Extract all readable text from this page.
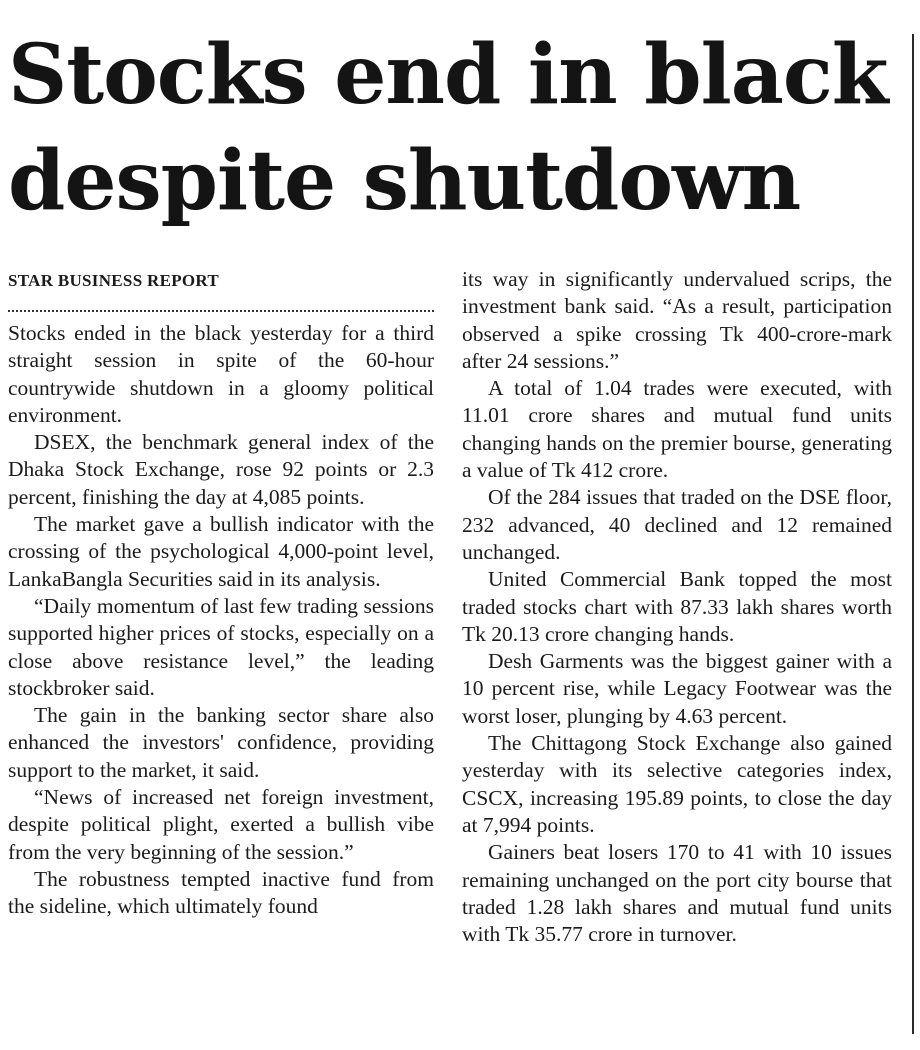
Stocks end in black
despite shutdown
STAR BUSINESS REPORT

Stocks ended in the black yesterday for a third straight session in spite of the 60-hour countrywide shutdown in a gloomy political environment.

DSEX, the benchmark general index of the Dhaka Stock Exchange, rose 92 points or 2.3 percent, finishing the day at 4,085 points.

The market gave a bullish indicator with the crossing of the psychological 4,000-point level, LankaBangla Securities said in its analysis.

“Daily momentum of last few trading sessions supported higher prices of stocks, especially on a close above resistance level,” the leading stockbroker said.

The gain in the banking sector share also enhanced the investors' confidence, providing support to the market, it said.

“News of increased net foreign investment, despite political plight, exerted a bullish vibe from the very beginning of the session.”

The robustness tempted inactive fund from the sideline, which ultimately found

its way in significantly undervalued scrips, the investment bank said. “As a result, participation observed a spike crossing Tk 400-crore-mark after 24 sessions.”

A total of 1.04 trades were executed, with 11.01 crore shares and mutual fund units changing hands on the premier bourse, generating a value of Tk 412 crore.

Of the 284 issues that traded on the DSE floor, 232 advanced, 40 declined and 12 remained unchanged.

United Commercial Bank topped the most traded stocks chart with 87.33 lakh shares worth Tk 20.13 crore changing hands.

Desh Garments was the biggest gainer with a 10 percent rise, while Legacy Footwear was the worst loser, plunging by 4.63 percent.

The Chittagong Stock Exchange also gained yesterday with its selective categories index, CSCX, increasing 195.89 points, to close the day at 7,994 points.

Gainers beat losers 170 to 41 with 10 issues remaining unchanged on the port city bourse that traded 1.28 lakh shares and mutual fund units with Tk 35.77 crore in turnover.
